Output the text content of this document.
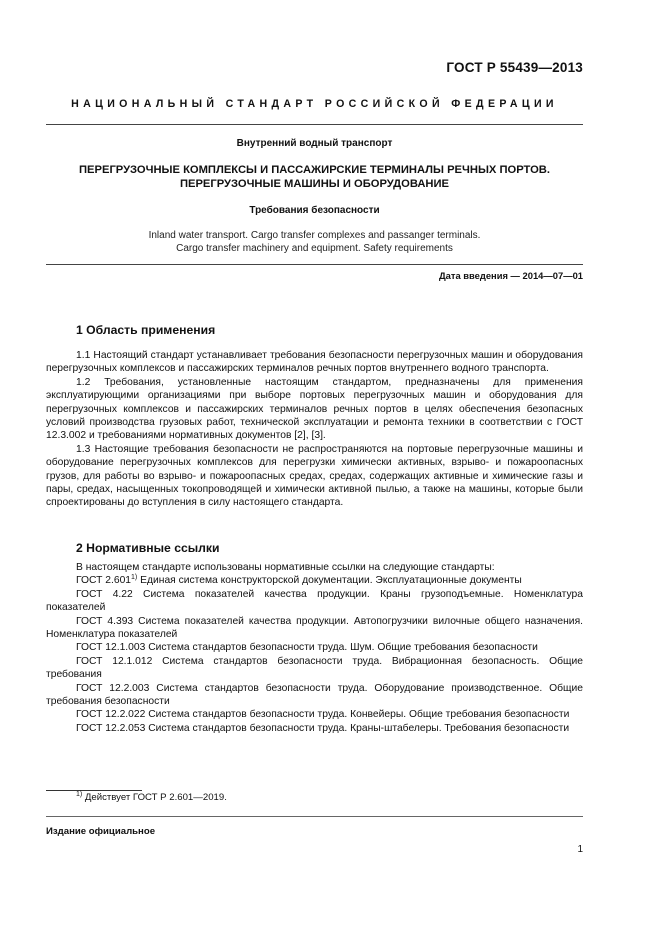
ГОСТ Р 55439—2013
НАЦИОНАЛЬНЫЙ СТАНДАРТ РОССИЙСКОЙ ФЕДЕРАЦИИ
Внутренний водный транспорт
ПЕРЕГРУЗОЧНЫЕ КОМПЛЕКСЫ И ПАССАЖИРСКИЕ ТЕРМИНАЛЫ РЕЧНЫХ ПОРТОВ.
ПЕРЕГРУЗОЧНЫЕ МАШИНЫ И ОБОРУДОВАНИЕ
Требования безопасности
Inland water transport. Cargo transfer complexes and passanger terminals.
Cargo transfer machinery and equipment. Safety requirements
Дата введения — 2014—07—01
1 Область применения

1.1 Настоящий стандарт устанавливает требования безопасности перегрузочных машин и оборудования перегрузочных комплексов и пассажирских терминалов речных портов внутреннего водного транспорта.

1.2 Требования, установленные настоящим стандартом, предназначены для применения эксплуатирующими организациями при выборе портовых перегрузочных машин и оборудования для перегрузочных комплексов и пассажирских терминалов речных портов в целях обеспечения безопасных условий производства грузовых работ, технической эксплуатации и ремонта техники в соответствии с ГОСТ 12.3.002 и требованиями нормативных документов [2], [3].

1.3 Настоящие требования безопасности не распространяются на портовые перегрузочные машины и оборудование перегрузочных комплексов для перегрузки химически активных, взрыво- и пожароопасных грузов, для работы во взрыво- и пожароопасных средах, средах, содержащих активные и химические газы и пары, средах, насыщенных токопроводящей и химически активной пылью, а также на машины, которые были спроектированы до вступления в силу настоящего стандарта.

2 Нормативные ссылки

В настоящем стандарте использованы нормативные ссылки на следующие стандарты:

ГОСТ 2.601$^{1)}$ Единая система конструкторской документации. Эксплуатационные документы

ГОСТ 4.22 Система показателей качества продукции. Краны грузоподъемные. Номенклатура показателей

ГОСТ 4.393 Система показателей качества продукции. Автопогрузчики вилочные общего назначения. Номенклатура показателей

ГОСТ 12.1.003 Система стандартов безопасности труда. Шум. Общие требования безопасности

ГОСТ 12.1.012 Система стандартов безопасности труда. Вибрационная безопасность. Общие требования

ГОСТ 12.2.003 Система стандартов безопасности труда. Оборудование производственное. Общие требования безопасности

ГОСТ 12.2.022 Система стандартов безопасности труда. Конвейеры. Общие требования безопасности

ГОСТ 12.2.053 Система стандартов безопасности труда. Краны-штабелеры. Требования безопасности

$^{1)}$ Действует ГОСТ Р 2.601—2019.
Издание официальное
1
